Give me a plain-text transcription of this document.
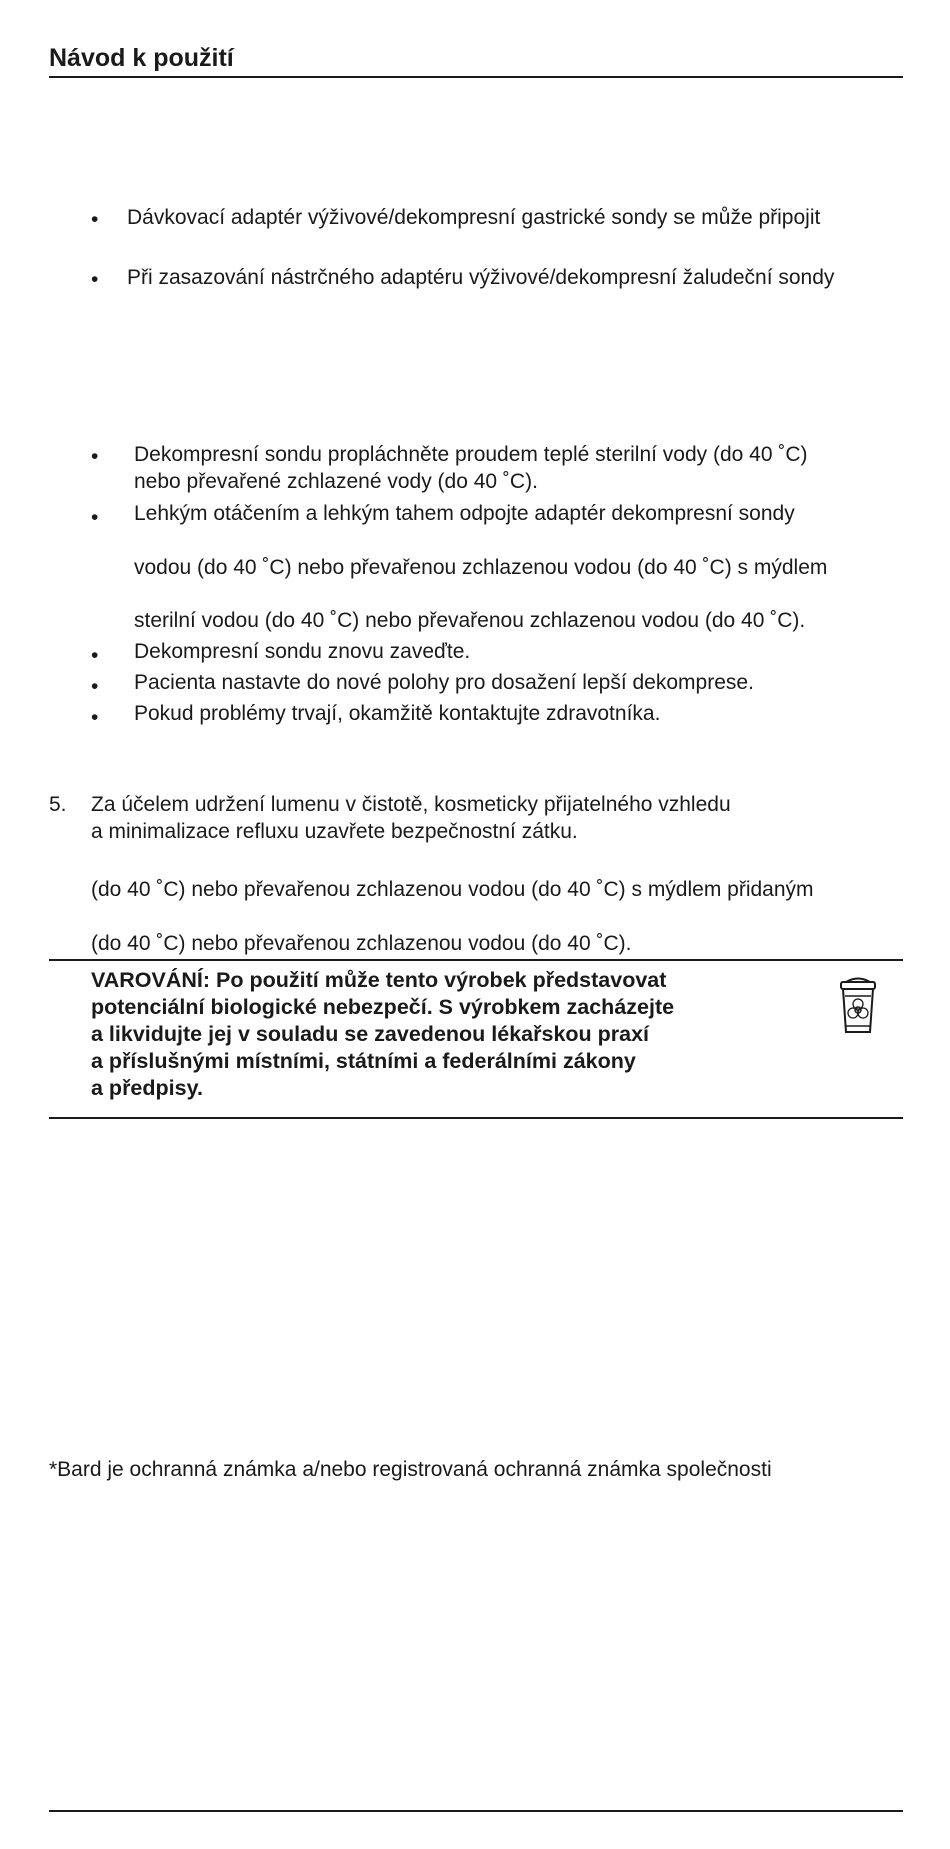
Návod k použití
• Dávkovací adaptér výživové/dekompresní gastrické sondy se může připojit
• Při zasazování nástrčného adaptéru výživové/dekompresní žaludeční sondy
• Dekompresní sondu propláchněte proudem teplé sterilní vody (do 40 ˚C)
nebo převařené zchlazené vody (do 40 ˚C).
• Lehkým otáčením a lehkým tahem odpojte adaptér dekompresní sondy
vodou (do 40 ˚C) nebo převařenou zchlazenou vodou (do 40 ˚C) s mýdlem
sterilní vodou (do 40 ˚C) nebo převařenou zchlazenou vodou (do 40 ˚C).
• Dekompresní sondu znovu zaveďte.
• Pacienta nastavte do nové polohy pro dosažení lepší dekomprese.
• Pokud problémy trvají, okamžitě kontaktujte zdravotníka.
5. Za účelem udržení lumenu v čistotě, kosmeticky přijatelného vzhledu
a minimalizace refluxu uzavřete bezpečnostní zátku.
(do 40 ˚C) nebo převařenou zchlazenou vodou (do 40 ˚C) s mýdlem přidaným
(do 40 ˚C) nebo převařenou zchlazenou vodou (do 40 ˚C).
VAROVÁNÍ: Po použití může tento výrobek představovat
potenciální biologické nebezpečí. S výrobkem zacházejte
a likvidujte jej v souladu se zavedenou lékařskou praxí
a příslušnými místními, státními a federálními zákony
a předpisy.
*Bard je ochranná známka a/nebo registrovaná ochranná známka společnosti
